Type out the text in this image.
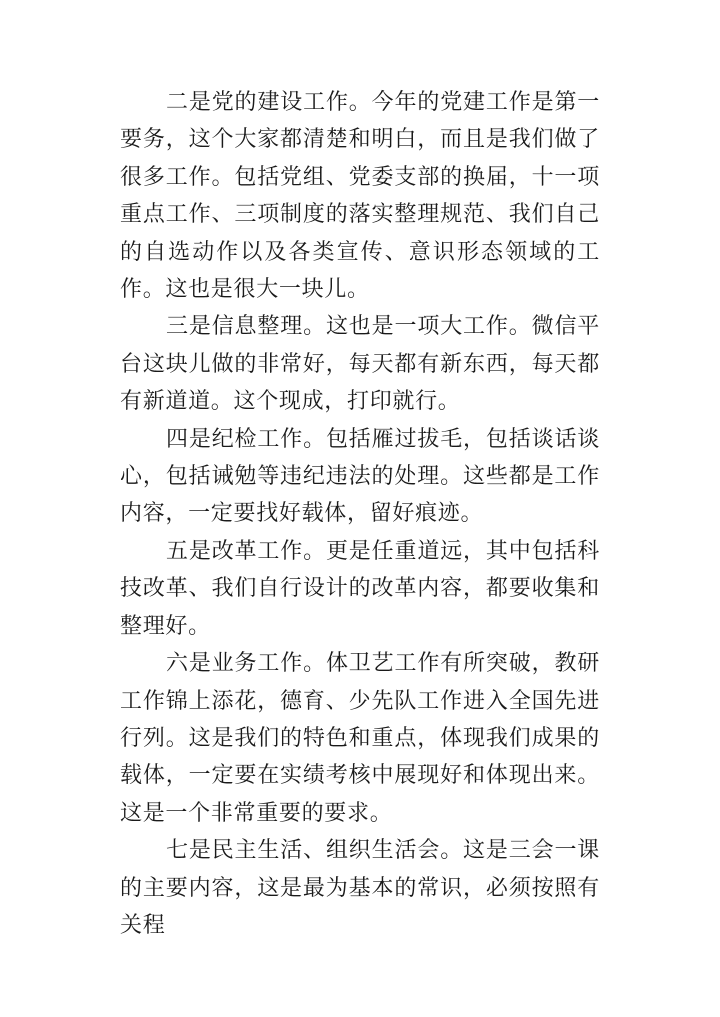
二是党的建设工作。今年的党建工作是第一要务，这个大家都清楚和明白，而且是我们做了很多工作。包括党组、党委支部的换届，十一项重点工作、三项制度的落实整理规范、我们自己的自选动作以及各类宣传、意识形态领域的工作。这也是很大一块儿。

三是信息整理。这也是一项大工作。微信平台这块儿做的非常好，每天都有新东西，每天都有新道道。这个现成，打印就行。

四是纪检工作。包括雁过拔毛，包括谈话谈心，包括诫勉等违纪违法的处理。这些都是工作内容，一定要找好载体，留好痕迹。

五是改革工作。更是任重道远，其中包括科技改革、我们自行设计的改革内容，都要收集和整理好。

六是业务工作。体卫艺工作有所突破，教研工作锦上添花，德育、少先队工作进入全国先进行列。这是我们的特色和重点，体现我们成果的载体，一定要在实绩考核中展现好和体现出来。这是一个非常重要的要求。

七是民主生活、组织生活会。这是三会一课的主要内容，这是最为基本的常识，必须按照有关程
